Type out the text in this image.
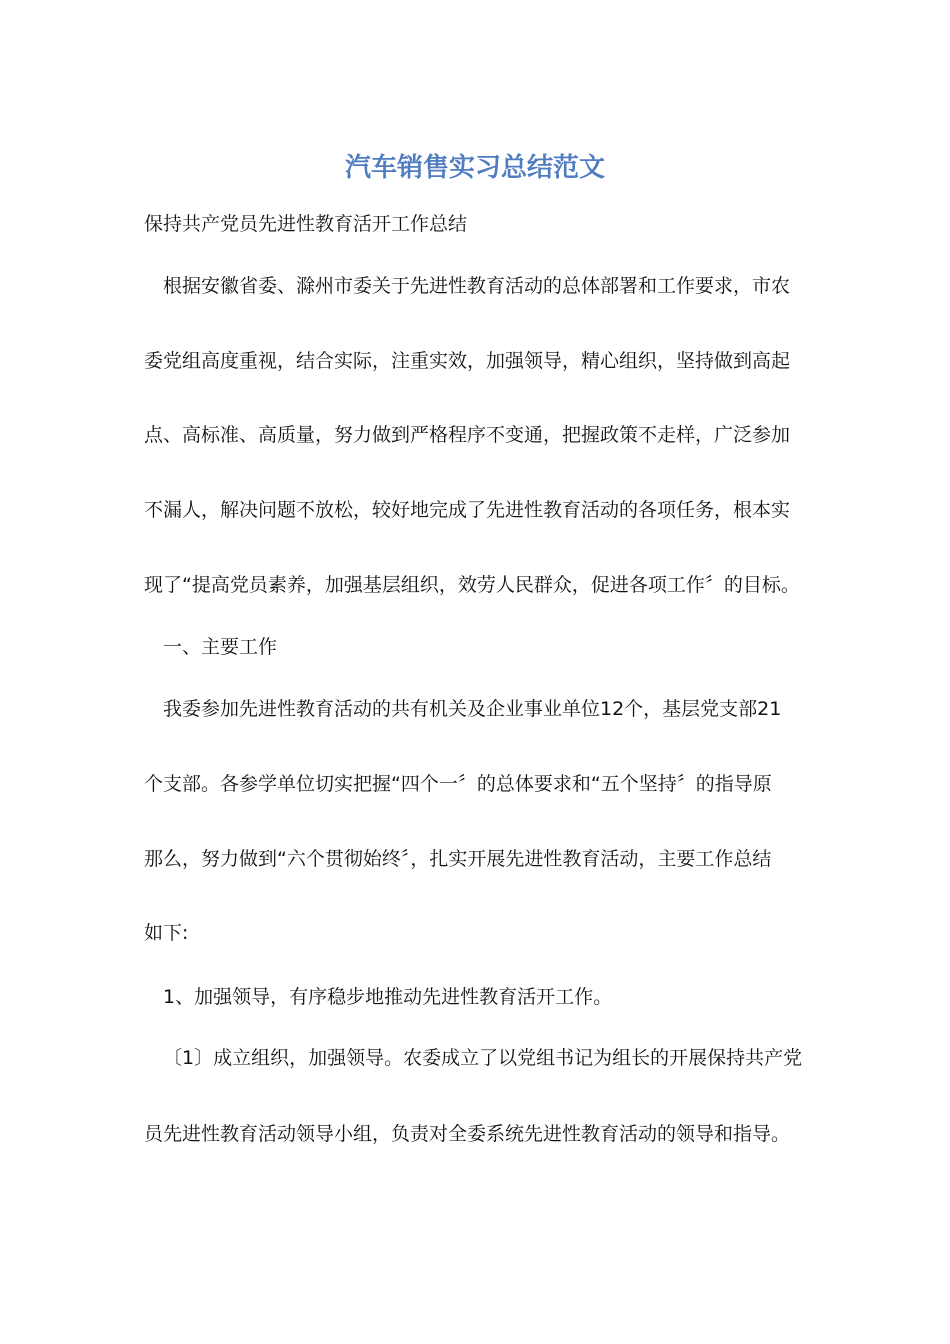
汽车销售实习总结范文
保持共产党员先进性教育活开工作总结
根据安徽省委、滁州市委关于先进性教育活动的总体部署和工作要求，市农
委党组高度重视，结合实际，注重实效，加强领导，精心组织，坚持做到高起
点、高标准、高质量，努力做到严格程序不变通，把握政策不走样，广泛参加
不漏人，解决问题不放松，较好地完成了先进性教育活动的各项任务，根本实
现了“提高党员素养，加强基层组织，效劳人民群众，促进各项工作〞的目标。
一、主要工作
我委参加先进性教育活动的共有机关及企业事业单位12个，基层党支部21
个支部。各参学单位切实把握“四个一〞的总体要求和“五个坚持〞的指导原
那么，努力做到“六个贯彻始终〞，扎实开展先进性教育活动，主要工作总结
如下:
1、加强领导，有序稳步地推动先进性教育活开工作。
〔1〕成立组织，加强领导。农委成立了以党组书记为组长的开展保持共产党
员先进性教育活动领导小组，负责对全委系统先进性教育活动的领导和指导。
